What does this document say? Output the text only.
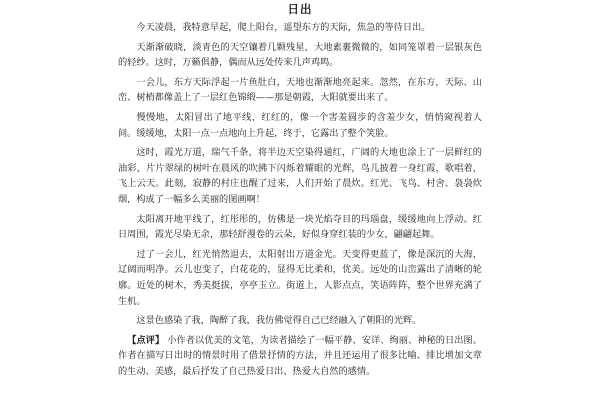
日出

今天凌晨，我特意早起，爬上阳台，遥望东方的天际，焦急的等待日出。

天渐渐破晓，淡青色的天空镶着几颗残星，大地素裹微微的，如同笼罩着一层银灰色的轻纱。这时，万籁俱静，偶而从远处传来几声鸡鸣。

一会儿，东方天际浮起一片鱼肚白，天地也渐渐地亮起来。忽然，在东方，天际、山峦、树梢都像盖上了一层红色锦缎——那是朝霞，大阳就要出来了。

慢慢地，太阳冒出了地平线，红红的，像一个害羞圆步的含羞少女，悄悄窥视着人间。缓缓地，太阳一点一点地向上升起，终于，它露出了整个笑脸。

这时，霞光万道，瑞气千条，将半边天空染得通红，广阔的大地也涂上了一层鲜红的油彩，片片翠绿的树叶在晨风的吹拂下闪烁着耀眼的光辉，鸟儿披着一身红霞，歌唱着，飞上云天。此刻，寂静的村庄也醒了过来，人们开始了晨炊。红光、飞鸟、村舍、袅袅炊烟，构成了一幅多么美丽的图画啊！

太阳离开地平线了，红彤彤的，仿佛是一块光焰夺目的玛瑙盘，缓缓地向上浮动。红日周围，霞光尽染无余，那轻舒漫卷的云朵，好似身穿红装的少女，翩翩起舞。

过了一会儿，红光悄然退去，太阳射出万道金光。天变得更蓝了，像是深沉的大海，辽阔而明净。云儿也变了，白花花的，显得无比柔和，优美。远处的山峦露出了清晰的轮廓。近处的树木，秀美挺拔，亭亭玉立。街道上，人影点点，笑语阵阵，整个世界充满了生机。

这景色感染了我，陶醉了我，我仿佛觉得自己已经融入了朝阳的光辉。

【点评】 小作者以优美的文笔，为读者描绘了一幅平静、安详、绚丽、神秘的日出图。作者在描写日出时的情景时用了借景抒情的方法，并且还运用了很多比喻、排比增加文章的生动、美感，最后抒发了自己热爱日出、热爱大自然的感情。
